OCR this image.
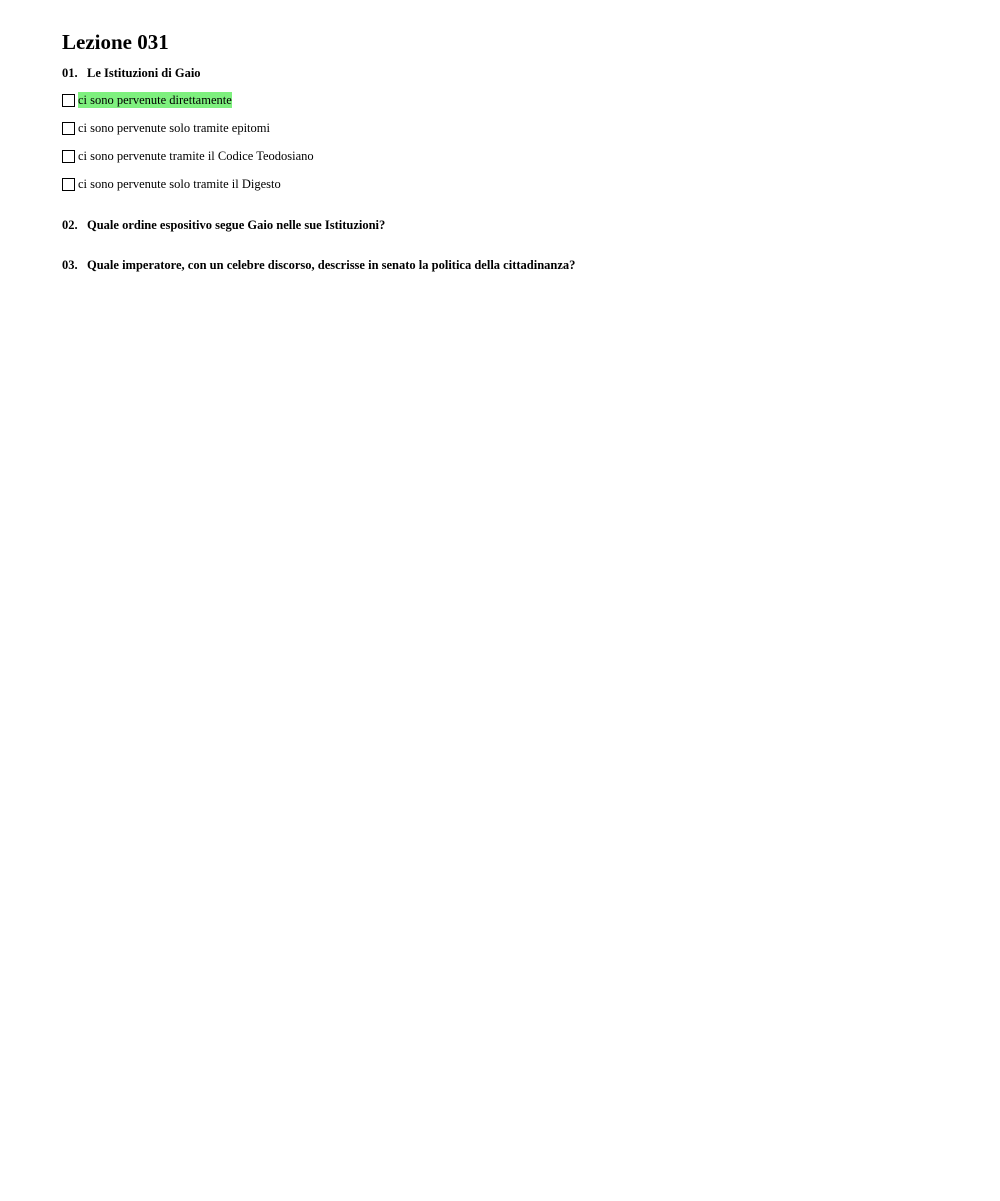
Lezione 031
01. Le Istituzioni di Gaio
ci sono pervenute direttamente
ci sono pervenute solo tramite epitomi
ci sono pervenute tramite il Codice Teodosiano
ci sono pervenute solo tramite il Digesto
02. Quale ordine espositivo segue Gaio nelle sue Istituzioni?
03. Quale imperatore, con un celebre discorso, descrisse in senato la politica della cittadinanza?
